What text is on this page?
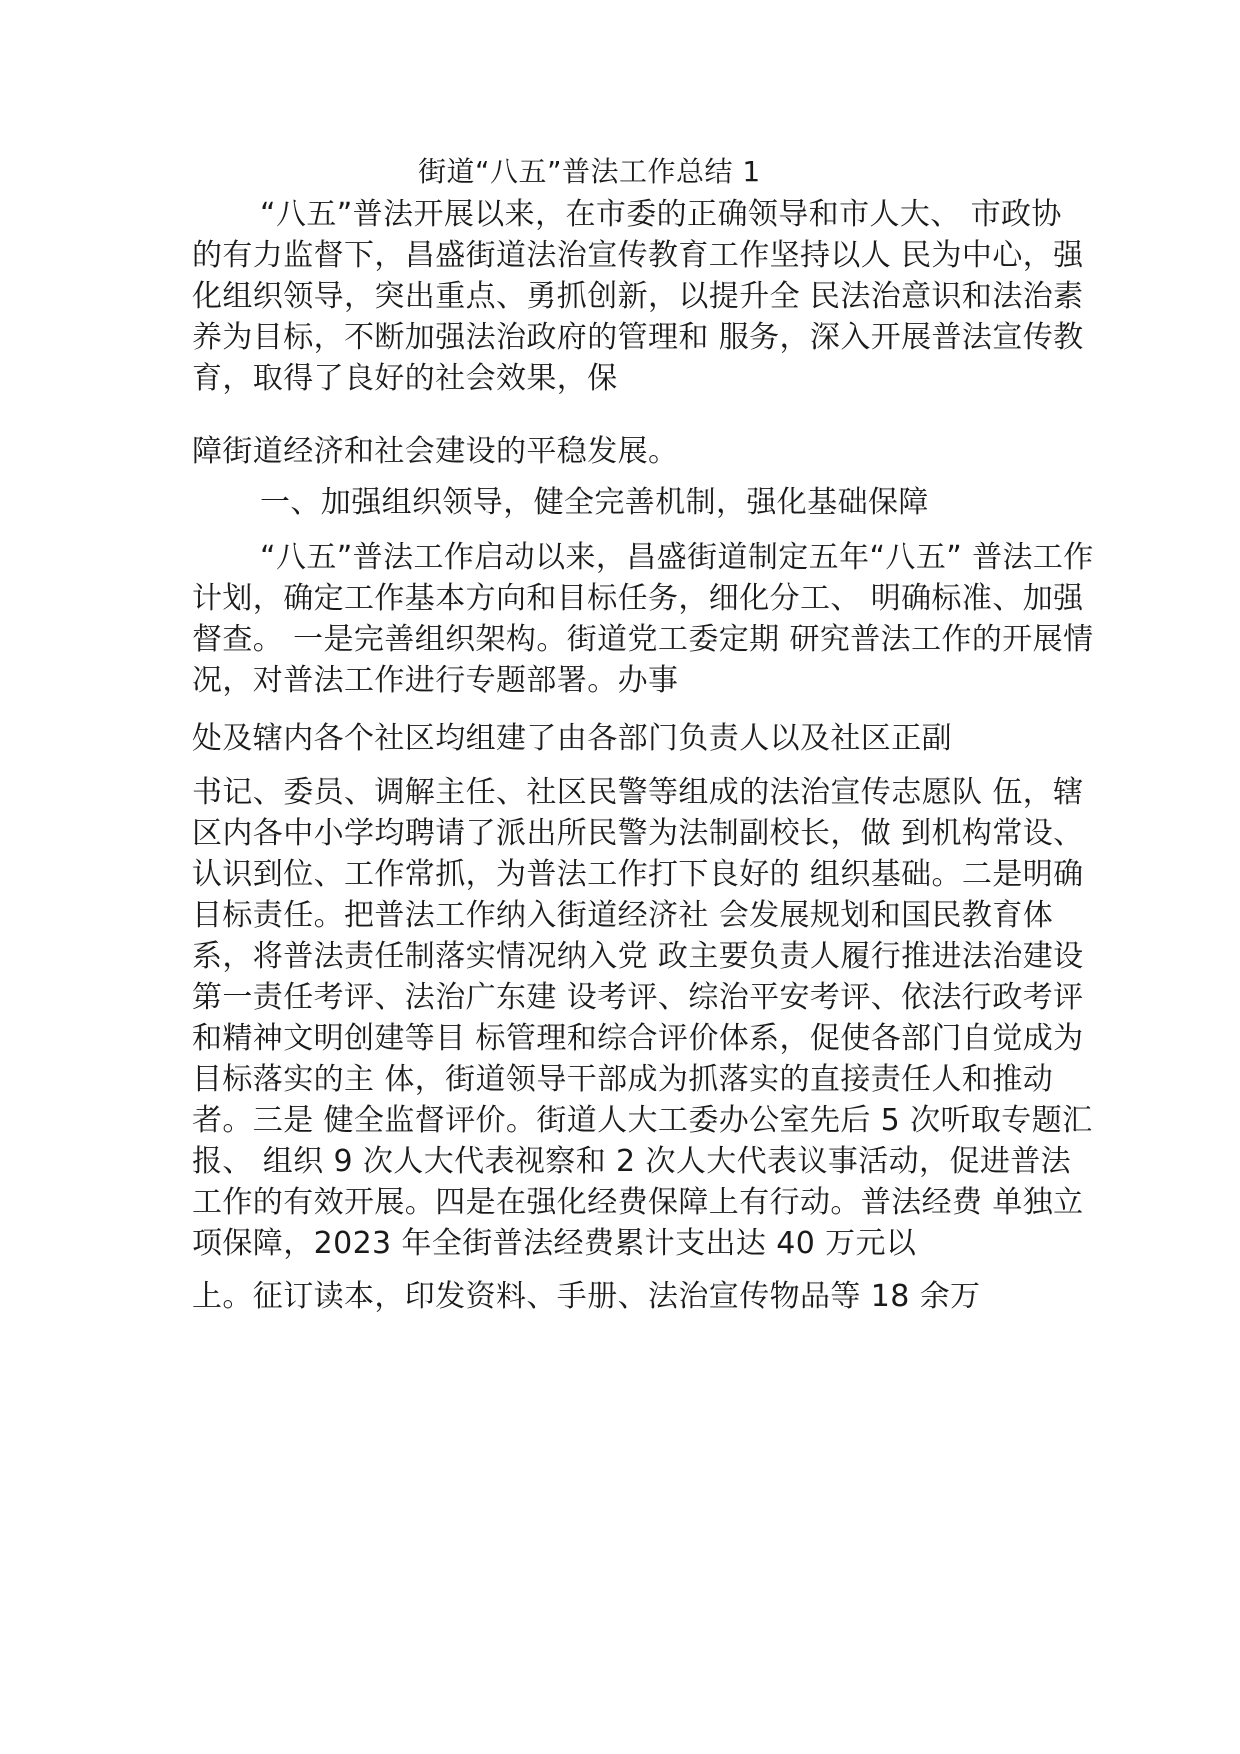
街道“八五”普法工作总结 1
“八五”普法开展以来，在市委的正确领导和市人大、 市政协
的有力监督下，昌盛街道法治宣传教育工作坚持以人 民为中心，强
化组织领导，突出重点、勇抓创新，以提升全 民法治意识和法治素
养为目标，不断加强法治政府的管理和 服务，深入开展普法宣传教
育，取得了良好的社会效果，保
障街道经济和社会建设的平稳发展。
一、加强组织领导，健全完善机制，强化基础保障
“八五”普法工作启动以来，昌盛街道制定五年“八五” 普法工作
计划，确定工作基本方向和目标任务，细化分工、 明确标准、加强
督查。 一是完善组织架构。街道党工委定期 研究普法工作的开展情
况，对普法工作进行专题部署。办事
处及辖内各个社区均组建了由各部门负责人以及社区正副
书记、委员、调解主任、社区民警等组成的法治宣传志愿队 伍，辖
区内各中小学均聘请了派出所民警为法制副校长，做 到机构常设、
认识到位、工作常抓，为普法工作打下良好的 组织基础。二是明确
目标责任。把普法工作纳入街道经济社 会发展规划和国民教育体
系，将普法责任制落实情况纳入党 政主要负责人履行推进法治建设
第一责任考评、法治广东建 设考评、综治平安考评、依法行政考评
和精神文明创建等目 标管理和综合评价体系，促使各部门自觉成为
目标落实的主 体，街道领导干部成为抓落实的直接责任人和推动
者。三是 健全监督评价。街道人大工委办公室先后 5 次听取专题汇
报、 组织 9 次人大代表视察和 2 次人大代表议事活动，促进普法
工作的有效开展。四是在强化经费保障上有行动。普法经费 单独立
项保障，2023 年全街普法经费累计支出达 40 万元以
上。征订读本，印发资料、手册、法治宣传物品等 18 余万
